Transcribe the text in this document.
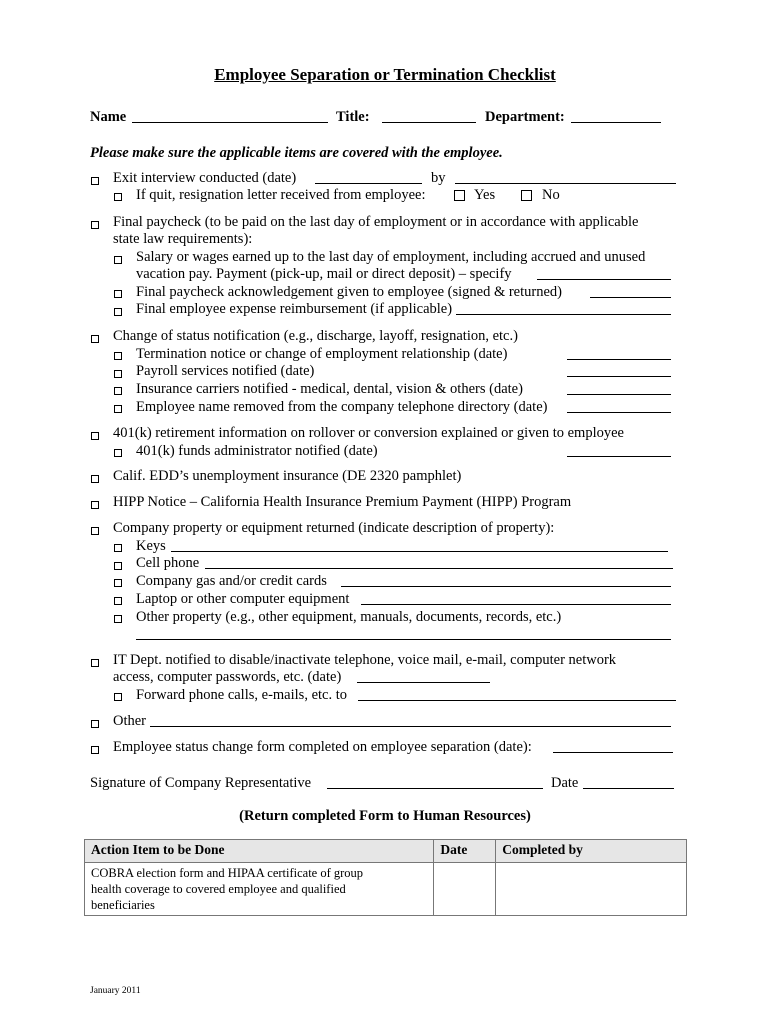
Employee Separation or Termination Checklist
Name	Title:	Department:
Please make sure the applicable items are covered with the employee.
Exit interview conducted (date)	by
If quit, resignation letter received from employee:	Yes	No
Final paycheck (to be paid on the last day of employment or in accordance with applicable
state law requirements):
Salary or wages earned up to the last day of employment, including accrued and unused
vacation pay. Payment (pick-up, mail or direct deposit) – specify
Final paycheck acknowledgement given to employee (signed & returned)
Final employee expense reimbursement (if applicable)
Change of status notification (e.g., discharge, layoff, resignation, etc.)
Termination notice or change of employment relationship (date)
Payroll services notified (date)
Insurance carriers notified - medical, dental, vision & others (date)
Employee name removed from the company telephone directory (date)
401(k) retirement information on rollover or conversion explained or given to employee
401(k) funds administrator notified (date)
Calif. EDD’s unemployment insurance (DE 2320 pamphlet)
HIPP Notice – California Health Insurance Premium Payment (HIPP) Program
Company property or equipment returned (indicate description of property):
Keys
Cell phone
Company gas and/or credit cards
Laptop or other computer equipment
Other property (e.g., other equipment, manuals, documents, records, etc.)
IT Dept. notified to disable/inactivate telephone, voice mail, e-mail, computer network
access, computer passwords, etc. (date)
Forward phone calls, e-mails, etc. to
Other
Employee status change form completed on employee separation (date):
Signature of Company Representative	Date
(Return completed Form to Human Resources)
Action Item to be Done	Date	Completed by

COBRA election form and HIPAA certificate of group
health coverage to covered employee and qualified
beneficiaries		

January 2011
